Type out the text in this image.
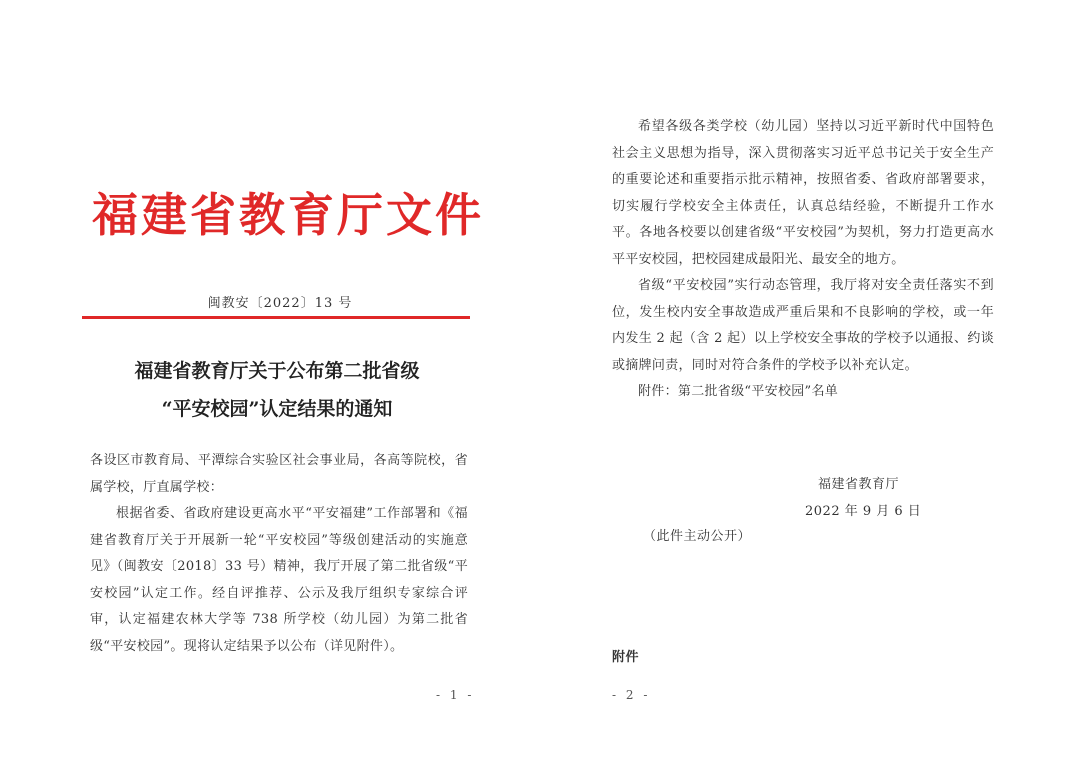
福建省教育厅文件
闽教安〔2022〕13 号
福建省教育厅关于公布第二批省级
“平安校园”认定结果的通知

各设区市教育局、平潭综合实验区社会事业局，各高等院校，省属学校，厅直属学校：

根据省委、省政府建设更高水平“平安福建”工作部署和《福建省教育厅关于开展新一轮“平安校园”等级创建活动的实施意见》（闽教安〔2018〕33 号）精神，我厅开展了第二批省级“平安校园”认定工作。经自评推荐、公示及我厅组织专家综合评审，认定福建农林大学等 738 所学校（幼儿园）为第二批省级“平安校园”。现将认定结果予以公布（详见附件）。

- 1 -

希望各级各类学校（幼儿园）坚持以习近平新时代中国特色社会主义思想为指导，深入贯彻落实习近平总书记关于安全生产的重要论述和重要指示批示精神，按照省委、省政府部署要求，切实履行学校安全主体责任，认真总结经验，不断提升工作水平。各地各校要以创建省级“平安校园”为契机，努力打造更高水平平安校园，把校园建成最阳光、最安全的地方。

省级“平安校园”实行动态管理，我厅将对安全责任落实不到位，发生校内安全事故造成严重后果和不良影响的学校，或一年内发生 2 起（含 2 起）以上学校安全事故的学校予以通报、约谈或摘牌问责，同时对符合条件的学校予以补充认定。

附件：第二批省级“平安校园”名单

福建省教育厅
2022 年 9 月 6 日
（此件主动公开）
附件
- 2 -
